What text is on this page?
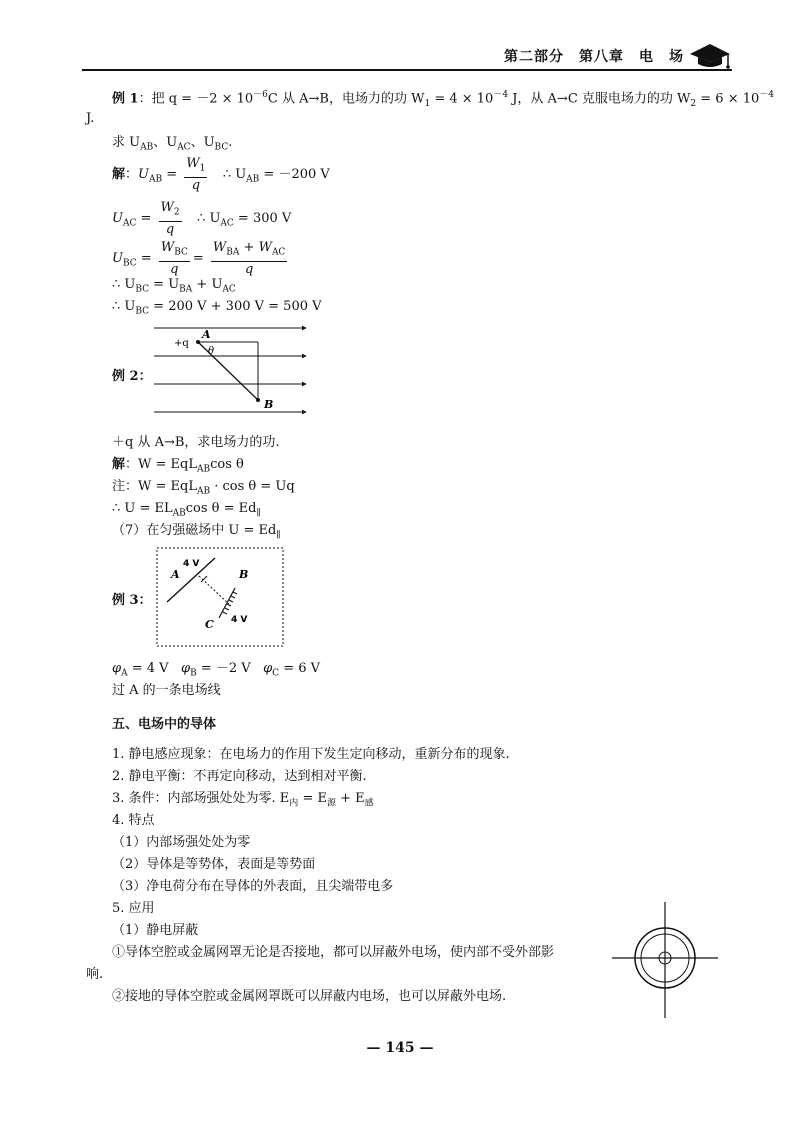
第二部分　第八章　电　场
例 1：把 $q = -2 \times 10^{-6}C$ 从 A→B，电场力的功 $W_1 = 4 \times 10^{-4}$ J，从 A→C 克服电场力的功 $W_2 = 6 \times 10^{-4}$
J.
求 $U_{AB}$、$U_{AC}$、$U_{BC}$.
解：$U_{AB} = \frac{W_1}{q}$ ∴ $U_{AB} = -200$ V
$U_{AC} = \frac{W_2}{q}$ ∴ $U_{AC} = 300$ V
$U_{BC} = \frac{W_{BC}}{q} = \frac{W_{BA} + W_{AC}}{q}$
∴ $U_{BC} = U_{BA} + U_{AC}$
∴ $U_{BC} = 200$ V + 300 V = 500 V
例 2：
+q
A
θ
B
＋q 从 A→B，求电场力的功.
解：W = EqL$_{AB}$cos θ
注：W = EqL$_{AB}$ · cos θ = Uq
∴ $U = EL_{AB}\cos$ $\theta = Ed_\parallel$
（7）在匀强磁场中 $U = Ed_\parallel$
例 3：
A
4 V
B
C 4 V
$\varphi_A = 4$ V $\varphi_B = -2$ V $\varphi_C = 6$ V
过 A 的一条电场线
五、电场中的导体
1. 静电感应现象：在电场力的作用下发生定向移动，重新分布的现象.
2. 静电平衡：不再定向移动，达到相对平衡.
3. 条件：内部场强处处为零. $E_内 = E_源 + E_感$
4. 特点
（1）内部场强处处为零
（2）导体是等势体，表面是等势面
（3）净电荷分布在导体的外表面，且尖端带电多
5. 应用
（1）静电屏蔽
①导体空腔或金属网罩无论是否接地，都可以屏蔽外电场，使内部不受外部影
响.
②接地的导体空腔或金属网罩既可以屏蔽内电场，也可以屏蔽外电场.
— 145 —
